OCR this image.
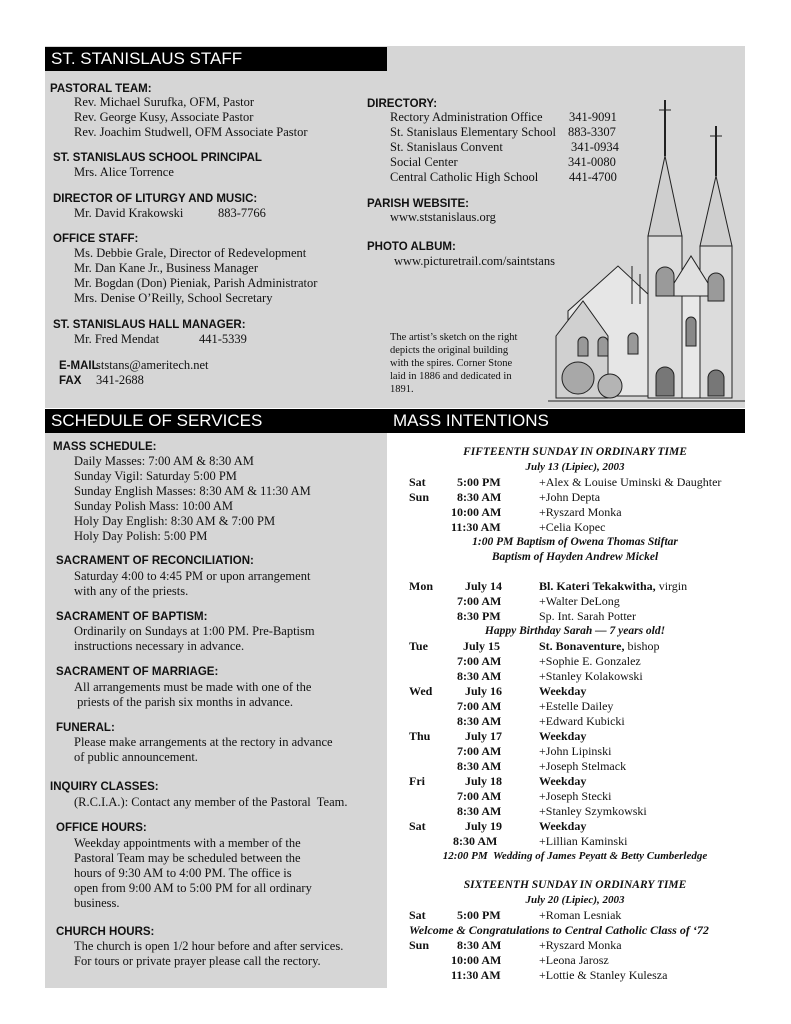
ST. STANISLAUS STAFF
SCHEDULE OF SERVICES	MASS INTENTIONS
PASTORAL TEAM:
Rev. Michael Surufka, OFM, Pastor
Rev. George Kusy, Associate Pastor
Rev. Joachim Studwell, OFM Associate Pastor
ST. STANISLAUS SCHOOL PRINCIPAL
Mrs. Alice Torrence
DIRECTOR OF LITURGY AND MUSIC:
Mr. David Krakowski	883-7766
OFFICE STAFF:
Ms. Debbie Grale, Director of Redevelopment
Mr. Dan Kane Jr., Business Manager
Mr. Bogdan (Don) Pieniak, Parish Administrator
Mrs. Denise O’Reilly, School Secretary
ST. STANISLAUS HALL MANAGER:
Mr. Fred Mendat	441-5339
E-MAIL
ststans@ameritech.net
FAX 341-2688
DIRECTORY:
Rectory Administration Office 341-9091
St. Stanislaus Elementary School 883-3307
St. Stanislaus Convent	341-0934
Social Center	341-0080
Central Catholic High School 441-4700
PARISH WEBSITE:
www.ststanislaus.org
PHOTO ALBUM:
www.picturetrail.com/saintstans
The artist’s sketch on the right
depicts the original building
with the spires. Corner Stone
laid in 1886 and dedicated in
1891.
MASS SCHEDULE:
Daily Masses: 7:00 AM & 8:30 AM
Sunday Vigil: Saturday 5:00 PM
Sunday English Masses: 8:30 AM & 11:30 AM
Sunday Polish Mass: 10:00 AM
Holy Day English: 8:30 AM & 7:00 PM
Holy Day Polish: 5:00 PM
SACRAMENT OF RECONCILIATION:
Saturday 4:00 to 4:45 PM or upon arrangement
with any of the priests.
SACRAMENT OF BAPTISM:
Ordinarily on Sundays at 1:00 PM. Pre-Baptism
instructions necessary in advance.
SACRAMENT OF MARRIAGE:
All arrangements must be made with one of the
priests of the parish six months in advance.
FUNERAL:
Please make arrangements at the rectory in advance
of public announcement.
INQUIRY CLASSES:
(R.C.I.A.): Contact any member of the Pastoral  Team.
OFFICE HOURS:
Weekday appointments with a member of the
Pastoral Team may be scheduled between the
hours of 9:30 AM to 4:00 PM. The office is
open from 9:00 AM to 5:00 PM for all ordinary
business.
CHURCH HOURS:
The church is open 1/2 hour before and after services.
For tours or private prayer please call the rectory.
FIFTEENTH SUNDAY IN ORDINARY TIME
July 13 (Lipiec), 2003
Sat	5:00 PM	+Alex & Louise Uminski & Daughter
Sun 8:30 AM	+John Depta
10:00 AM	+Ryszard Monka
11:30 AM	+Celia Kopec
1:00 PM Baptism of Owena Thomas Stiftar
Baptism of Hayden Andrew Mickel
Mon	July 14	Bl. Kateri Tekakwitha, virgin
7:00 AM	+Walter DeLong
8:30 PM	Sp. Int. Sarah Potter
Happy Birthday Sarah — 7 years old!
Tue	July 15	St. Bonaventure, bishop
7:00 AM	+Sophie E. Gonzalez
8:30 AM	+Stanley Kolakowski
Wed	July 16	Weekday
7:00 AM	+Estelle Dailey
8:30 AM	+Edward Kubicki
Thu	July 17	Weekday
7:00 AM	+John Lipinski
8:30 AM	+Joseph Stelmack
Fri	July 18	Weekday
7:00 AM	+Joseph Stecki
8:30 AM	+Stanley Szymkowski
Sat	July 19	Weekday
8:30 AM	+Lillian Kaminski
12:00 PM  Wedding of James Peyatt & Betty Cumberledge
SIXTEENTH SUNDAY IN ORDINARY TIME
July 20 (Lipiec), 2003
Sat	5:00 PM	+Roman Lesniak
Welcome & Congratulations to Central Catholic Class of ‘72
Sun 8:30 AM	+Ryszard Monka
10:00 AM	+Leona Jarosz
11:30 AM	+Lottie & Stanley Kulesza
